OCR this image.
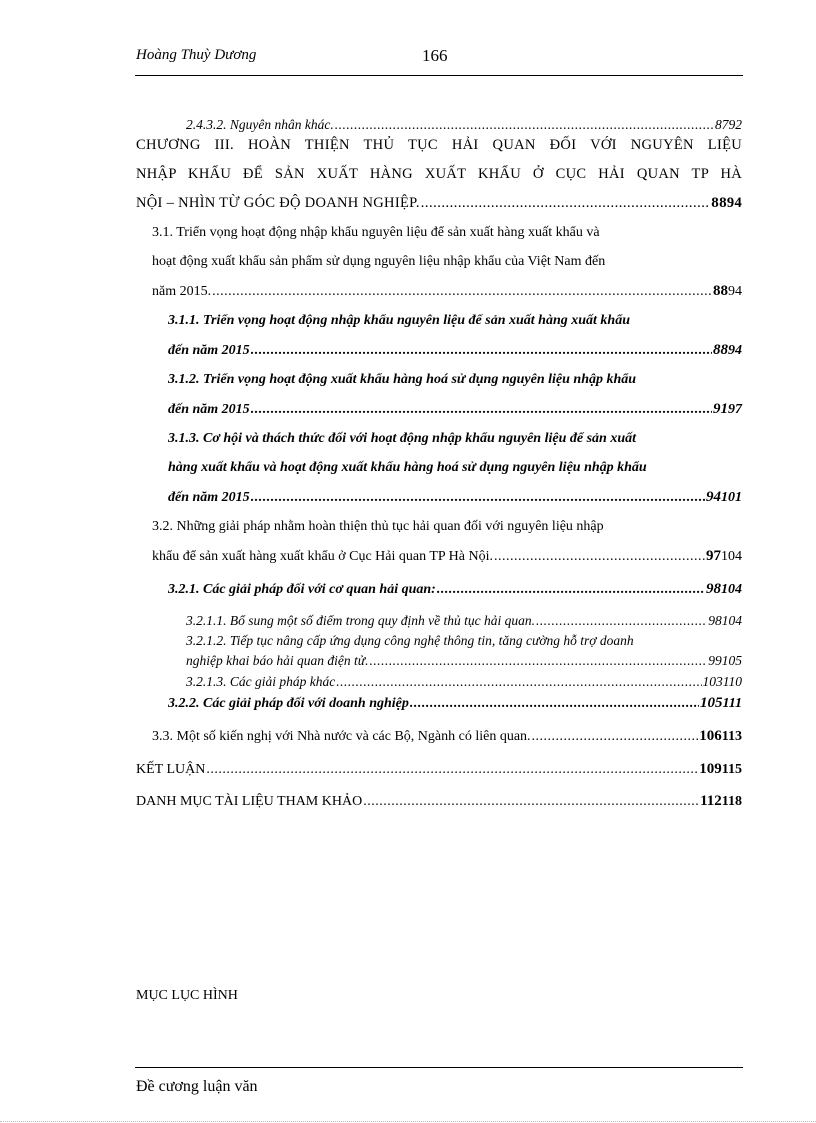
Hoàng Thuỳ Dương	166
2.4.3.2. Nguyên nhân khác. .....	8792
CHƯƠNG III. HOÀN THIỆN THỦ TỤC HẢI QUAN ĐỐI VỚI NGUYÊN LIỆU
NHẬP KHẨU ĐỂ SẢN XUẤT HÀNG XUẤT KHẨU Ở CỤC HẢI QUAN TP HÀ
NỘI – NHÌN TỪ GÓC ĐỘ DOANH NGHIỆP. .....	8894
3.1. Triển vọng hoạt động nhập khẩu nguyên liệu để sản xuất hàng xuất khẩu và
hoạt động xuất khẩu sản phẩm sử dụng nguyên liệu nhập khẩu của Việt Nam đến
năm 2015. .....	8894
3.1.1. Triển vọng hoạt động nhập khẩu nguyên liệu để sản xuất hàng xuất khẩu
đến năm 2015 .....	8894
3.1.2. Triển vọng hoạt động xuất khẩu hàng hoá sử dụng nguyên liệu nhập khẩu
đến năm 2015 .....	9197
3.1.3. Cơ hội và thách thức đối với hoạt động nhập khẩu nguyên liệu để sản xuất
hàng xuất khẩu và hoạt động xuất khẩu hàng hoá sử dụng nguyên liệu nhập khẩu
đến năm 2015 .....	94101
3.2. Những giải pháp nhằm hoàn thiện thủ tục hải quan đối với nguyên liệu nhập
khẩu để sản xuất hàng xuất khẩu ở Cục Hải quan TP Hà Nội. .....	97104
3.2.1. Các giải pháp đối với cơ quan hải quan: .....	98104
3.2.1.1. Bổ sung một số điểm trong quy định về thủ tục hải quan. .....	98104
3.2.1.2. Tiếp tục nâng cấp ứng dụng công nghệ thông tin, tăng cường hỗ trợ doanh
nghiệp khai báo hải quan điện tử. .....	99105
3.2.1.3. Các giải pháp khác .....	103110
3.2.2. Các giải pháp đối với doanh nghiệp .....	105111
3.3. Một số kiến nghị với Nhà nước và các Bộ, Ngành có liên quan. .....	106113
KẾT LUẬN .....	109115
DANH MỤC TÀI LIỆU THAM KHẢO .....	112118
MỤC LỤC HÌNH
Đề cương luận văn
